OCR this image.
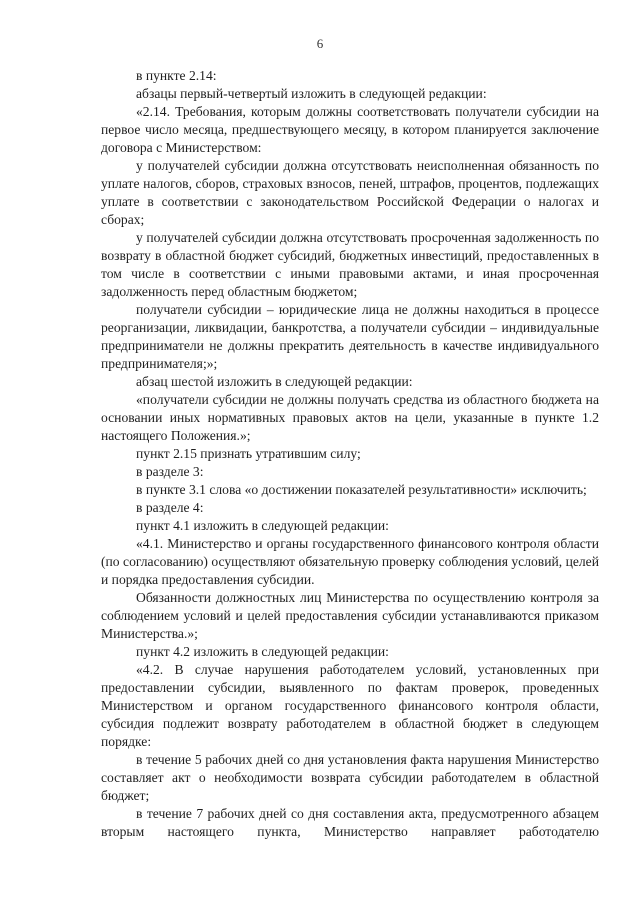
6

в пункте 2.14:

абзацы первый-четвертый изложить в следующей редакции:

«2.14. Требования, которым должны соответствовать получатели субсидии на первое число месяца, предшествующего месяцу, в котором планируется заключение договора с Министерством:

у получателей субсидии должна отсутствовать неисполненная обязанность по уплате налогов, сборов, страховых взносов, пеней, штрафов, процентов, подлежащих уплате в соответствии с законодательством Российской Федерации о налогах и сборах;

у получателей субсидии должна отсутствовать просроченная задолженность по возврату в областной бюджет субсидий, бюджетных инвестиций, предоставленных в том числе в соответствии с иными правовыми актами, и иная просроченная задолженность перед областным бюджетом;

получатели субсидии – юридические лица не должны находиться в процессе реорганизации, ликвидации, банкротства, а получатели субсидии – индивидуальные предприниматели не должны прекратить деятельность в качестве индивидуального предпринимателя;»;

абзац шестой изложить в следующей редакции:

«получатели субсидии не должны получать средства из областного бюджета на основании иных нормативных правовых актов на цели, указанные в пункте 1.2 настоящего Положения.»;

пункт 2.15 признать утратившим силу;

в разделе 3:

в пункте 3.1 слова «о достижении показателей результативности» исключить;

в разделе 4:

пункт 4.1 изложить в следующей редакции:

«4.1. Министерство и органы государственного финансового контроля области (по согласованию) осуществляют обязательную проверку соблюдения условий, целей и порядка предоставления субсидии.

Обязанности должностных лиц Министерства по осуществлению контроля за соблюдением условий и целей предоставления субсидии устанавливаются приказом Министерства.»;

пункт 4.2 изложить в следующей редакции:

«4.2. В случае нарушения работодателем условий, установленных при предоставлении субсидии, выявленного по фактам проверок, проведенных Министерством и органом государственного финансового контроля области, субсидия подлежит возврату работодателем в областной бюджет в следующем порядке:

в течение 5 рабочих дней со дня установления факта нарушения Министерство составляет акт о необходимости возврата субсидии работодателем в областной бюджет;

в течение 7 рабочих дней со дня составления акта, предусмотренного абзацем вторым настоящего пункта, Министерство направляет работодателю
